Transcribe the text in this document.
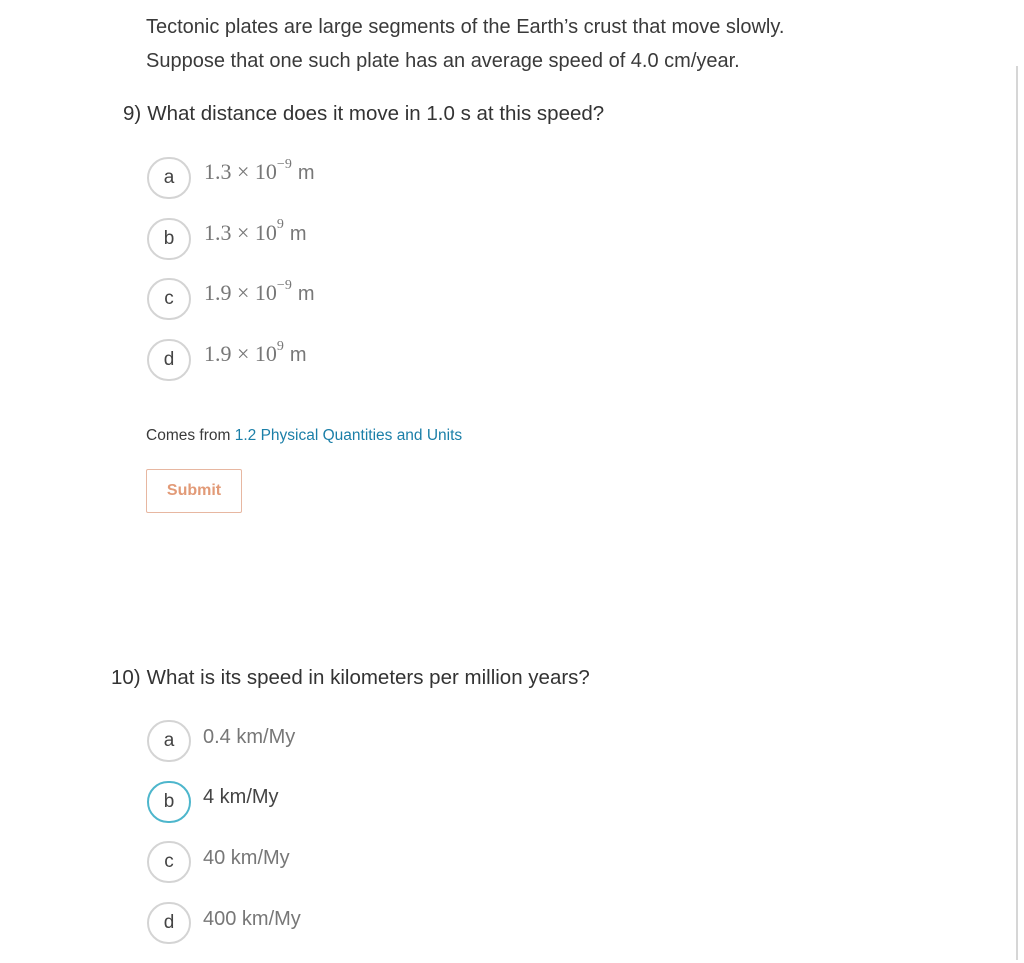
Tectonic plates are large segments of the Earth’s crust that move slowly.

Suppose that one such plate has an average speed of 4.0 cm/year.

9) What distance does it move in 1.0 s at this speed?
a	$1.3 \times 10^{-9}$ m
b	$1.3 \times 10^9$ m
c	$1.9 \times 10^{-9}$ m
d	$1.9 \times 10^9$ m
Comes from 1.2 Physical Quantities and Units
Submit
10) What is its speed in kilometers per million years?
a	0.4 km/My
b	4 km/My
c	40 km/My
d	400 km/My
